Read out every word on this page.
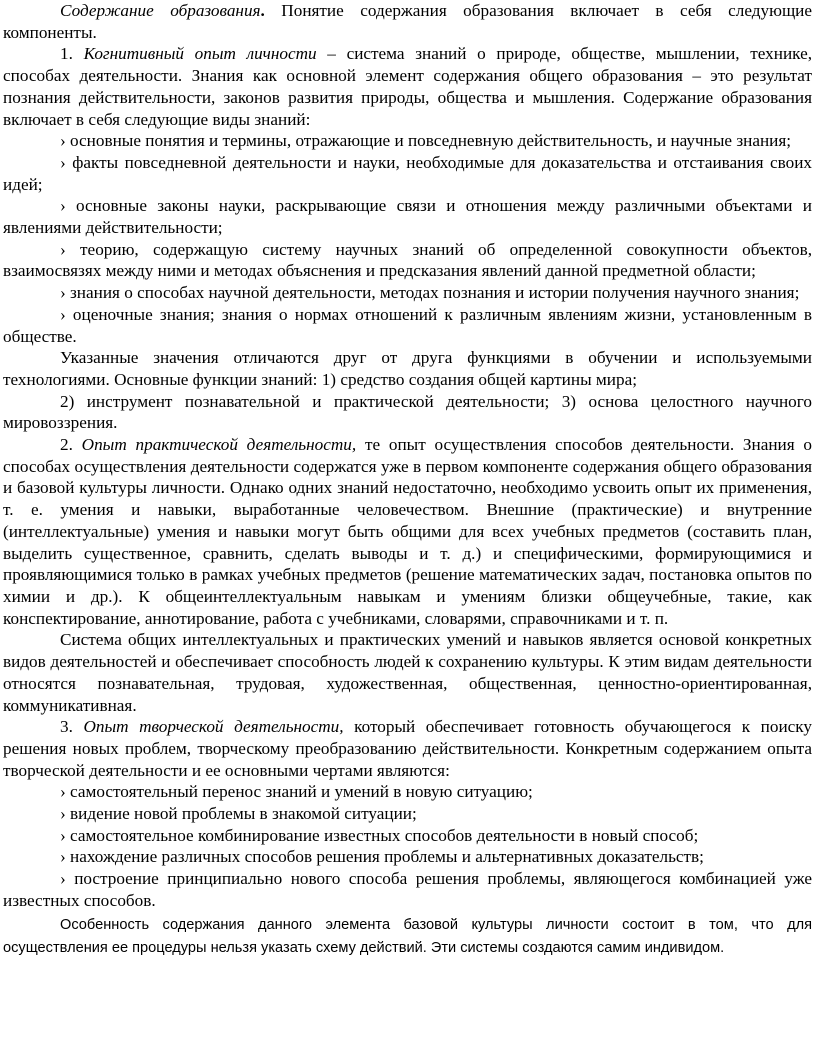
Содержание образования. Понятие содержания образования включает в себя следующие компоненты.

1. Когнитивный опыт личности – система знаний о природе, обществе, мышлении, технике, способах деятельности. Знания как основной элемент содержания общего образования – это результат познания действительности, законов развития природы, общества и мышления. Содержание образования включает в себя следующие виды знаний:

› основные понятия и термины, отражающие и повседневную действительность, и научные знания;

› факты повседневной деятельности и науки, необходимые для доказательства и отстаивания своих идей;

› основные законы науки, раскрывающие связи и отношения между различными объектами и явлениями действительности;

› теорию, содержащую систему научных знаний об определенной совокупности объектов, взаимосвязях между ними и методах объяснения и предсказания явлений данной предметной области;

› знания о способах научной деятельности, методах познания и истории получения научного знания;

› оценочные знания; знания о нормах отношений к различным явлениям жизни, установленным в обществе.

Указанные значения отличаются друг от друга функциями в обучении и используемыми технологиями. Основные функции знаний: 1) средство создания общей картины мира;

2) инструмент познавательной и практической деятельности; 3) основа целостного научного мировоззрения.

2. Опыт практической деятельности, те опыт осуществления способов деятельности. Знания о способах осуществления деятельности содержатся уже в первом компоненте содержания общего образования и базовой культуры личности. Однако одних знаний недостаточно, необходимо усвоить опыт их применения, т. е. умения и навыки, выработанные человечеством. Внешние (практические) и внутренние (интеллектуальные) умения и навыки могут быть общими для всех учебных предметов (составить план, выделить существенное, сравнить, сделать выводы и т. д.) и специфическими, формирующимися и проявляющимися только в рамках учебных предметов (решение математических задач, постановка опытов по химии и др.). К общеинтеллектуальным навыкам и умениям близки общеучебные, такие, как конспектирование, аннотирование, работа с учебниками, словарями, справочниками и т. п.

Система общих интеллектуальных и практических умений и навыков является основой конкретных видов деятельностей и обеспечивает способность людей к сохранению культуры. К этим видам деятельности относятся познавательная, трудовая, художественная, общественная, ценностно-ориентированная, коммуникативная.

3. Опыт творческой деятельности, который обеспечивает готовность обучающегося к поиску решения новых проблем, творческому преобразованию действительности. Конкретным содержанием опыта творческой деятельности и ее основными чертами являются:

› самостоятельный перенос знаний и умений в новую ситуацию;

› видение новой проблемы в знакомой ситуации;

› самостоятельное комбинирование известных способов деятельности в новый способ;

› нахождение различных способов решения проблемы и альтернативных доказательств;

› построение принципиально нового способа решения проблемы, являющегося комбинацией уже известных способов.

Особенность содержания данного элемента базовой культуры личности состоит в том, что для осуществления ее процедуры нельзя указать схему действий. Эти системы создаются самим индивидом.
